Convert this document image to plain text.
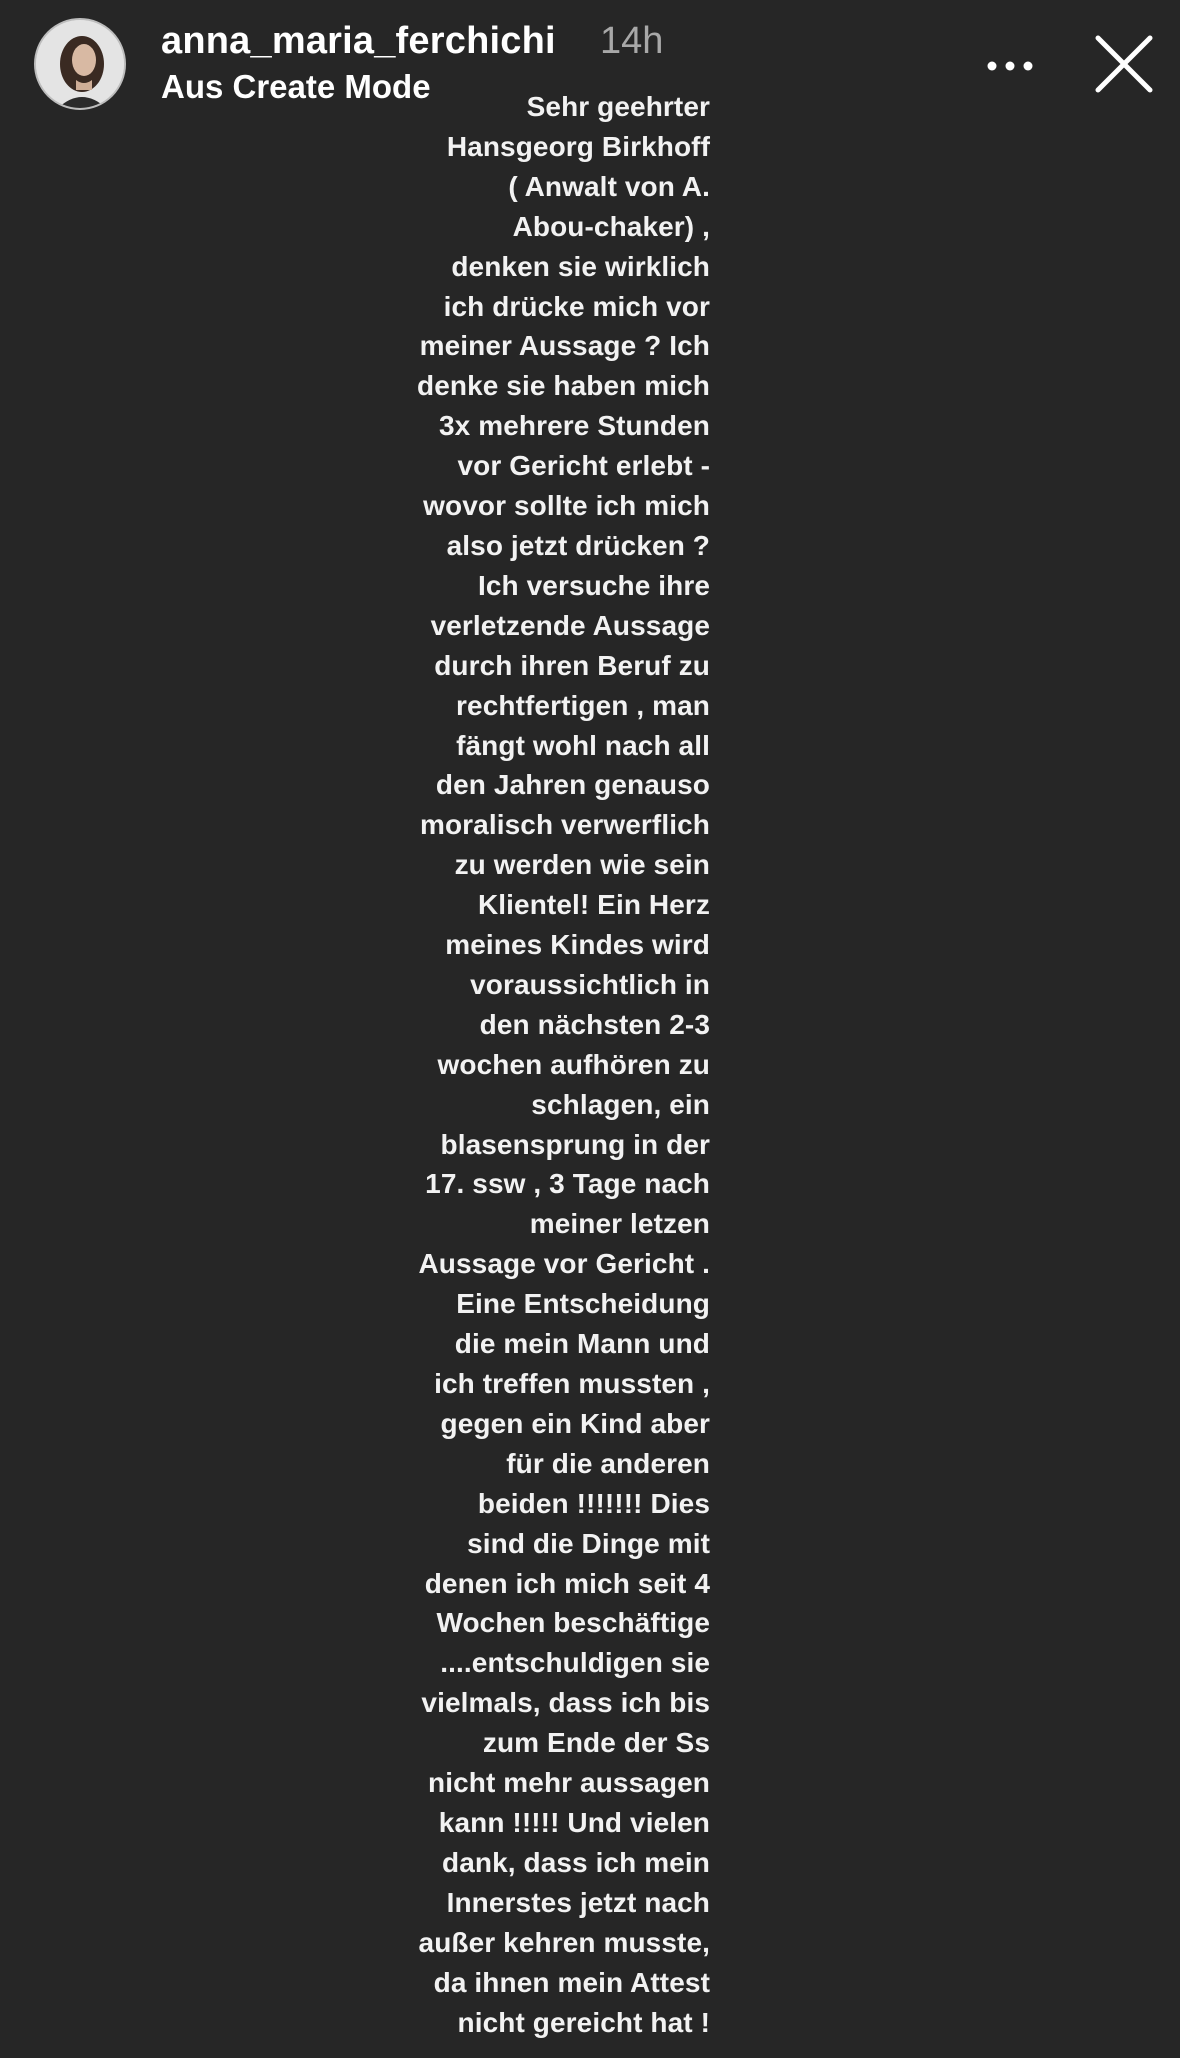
anna_maria_ferchichi 14h
Aus Create Mode
Sehr geehrter
Hansgeorg Birkhoff
( Anwalt von A.
Abou-chaker) ,
denken sie wirklich
ich drücke mich vor
meiner Aussage ? Ich
denke sie haben mich
3x mehrere Stunden
vor Gericht erlebt -
wovor sollte ich mich
also jetzt drücken ?
Ich versuche ihre
verletzende Aussage
durch ihren Beruf zu
rechtfertigen , man
fängt wohl nach all
den Jahren genauso
moralisch verwerflich
zu werden wie sein
Klientel! Ein Herz
meines Kindes wird
voraussichtlich in
den nächsten 2-3
wochen aufhören zu
schlagen, ein
blasensprung in der
17. ssw , 3 Tage nach
meiner letzen
Aussage vor Gericht .
Eine Entscheidung
die mein Mann und
ich treffen mussten ,
gegen ein Kind aber
für die anderen
beiden !!!!!!! Dies
sind die Dinge mit
denen ich mich seit 4
Wochen beschäftige
....entschuldigen sie
vielmals, dass ich bis
zum Ende der Ss
nicht mehr aussagen
kann !!!!! Und vielen
dank, dass ich mein
Innerstes jetzt nach
außer kehren musste,
da ihnen mein Attest
nicht gereicht hat !
